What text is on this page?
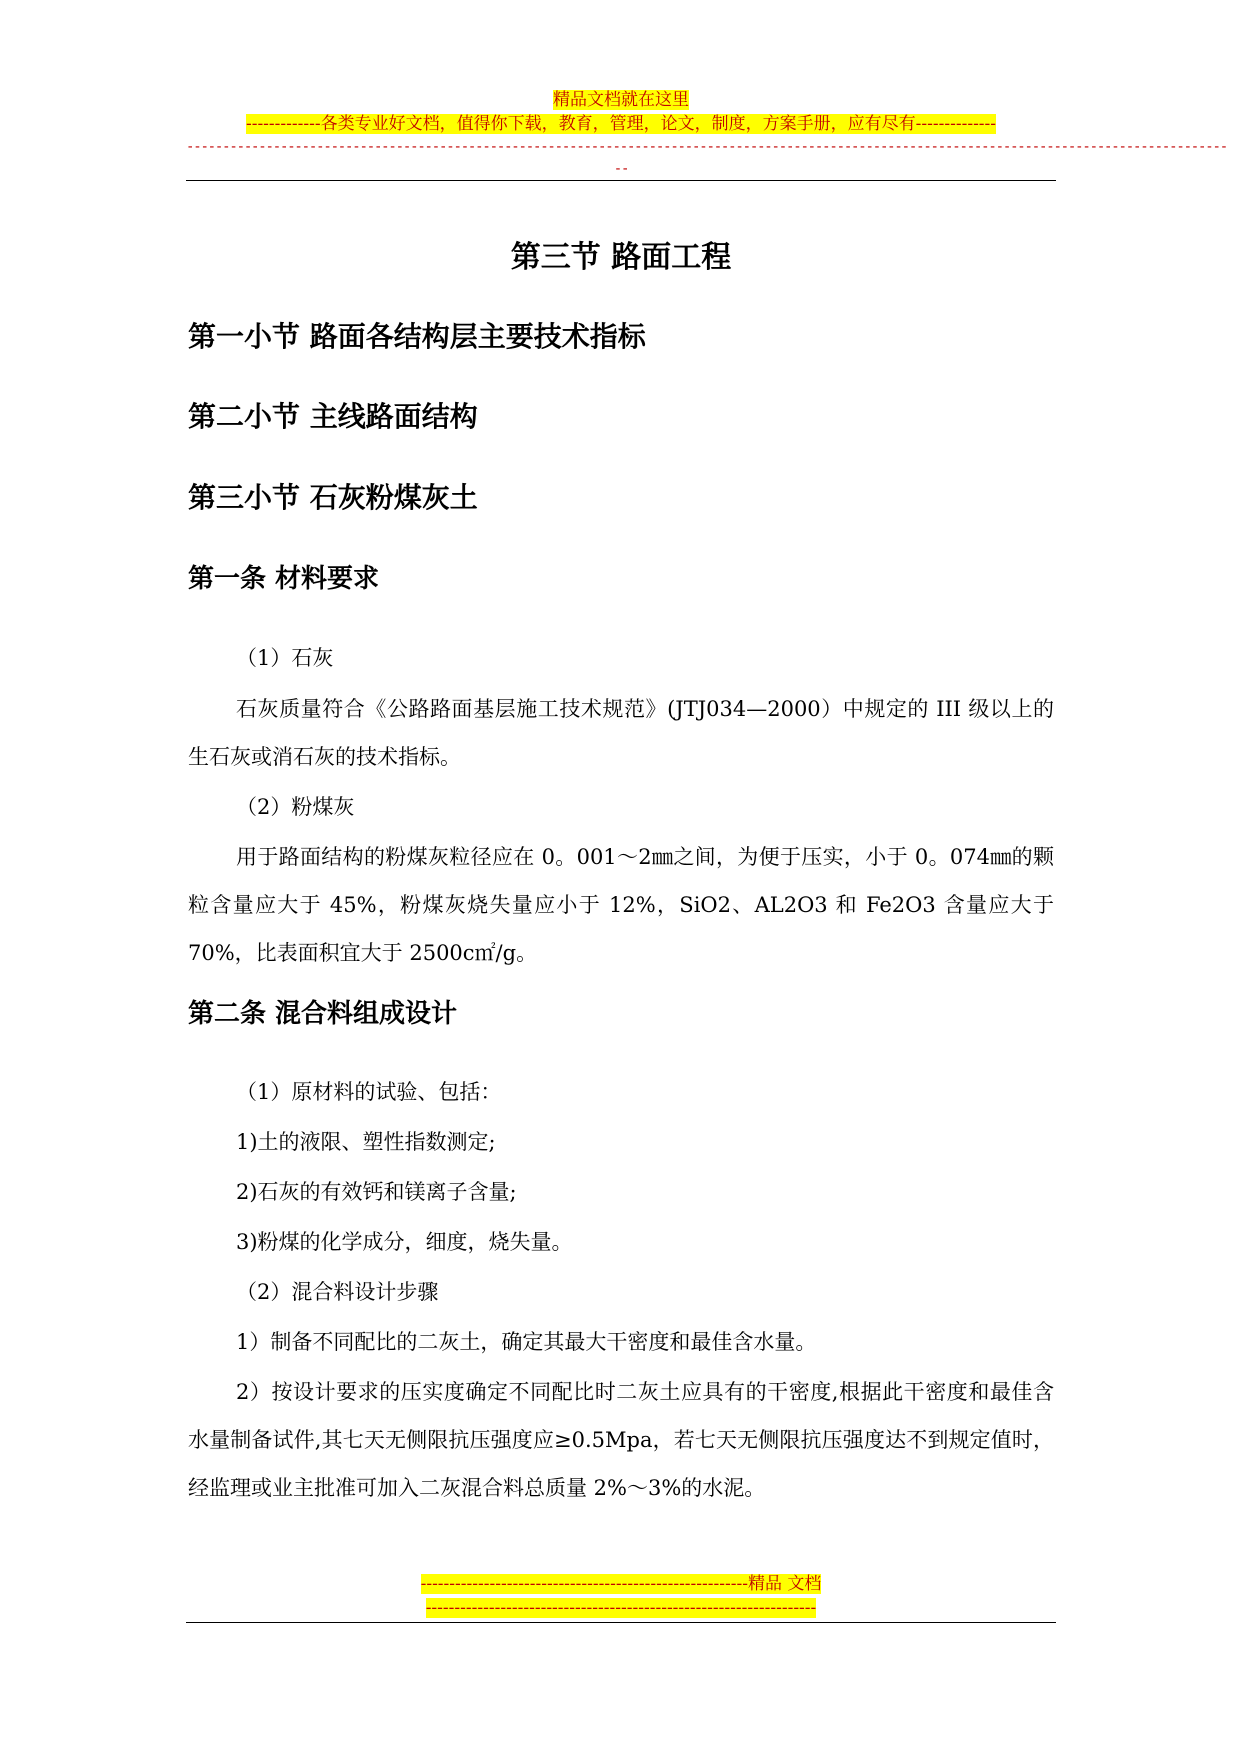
精品文档就在这里
-------------各类专业好文档，值得你下载，教育，管理，论文，制度，方案手册，应有尽有--------------
------------------------------------------------------------------------------------------------------------------------------------------------
--
第三节 路面工程
第一小节 路面各结构层主要技术指标
第二小节 主线路面结构
第三小节 石灰粉煤灰土
第一条 材料要求
（1）石灰
石灰质量符合《公路路面基层施工技术规范》(JTJ034—2000）中规定的 III 级以上的生石灰或消石灰的技术指标。
（2）粉煤灰
用于路面结构的粉煤灰粒径应在 0。001～2㎜之间，为便于压实，小于 0。074㎜的颗粒含量应大于 45%，粉煤灰烧失量应小于 12%，SiO2、AL2O3 和 Fe2O3 含量应大于 70%，比表面积宜大于 2500c㎡/g。
第二条 混合料组成设计
（1）原材料的试验、包括：
1)土的液限、塑性指数测定;
2)石灰的有效钙和镁离子含量;
3)粉煤的化学成分，细度，烧失量。
（2）混合料设计步骤
1）制备不同配比的二灰土，确定其最大干密度和最佳含水量。
2）按设计要求的压实度确定不同配比时二灰土应具有的干密度,根据此干密度和最佳含水量制备试件,其七天无侧限抗压强度应≥0.5Mpa，若七天无侧限抗压强度达不到规定值时，经监理或业主批准可加入二灰混合料总质量 2%～3%的水泥。
---------------------------------------------------------精品 文档
--------------------------------------------------------------------
